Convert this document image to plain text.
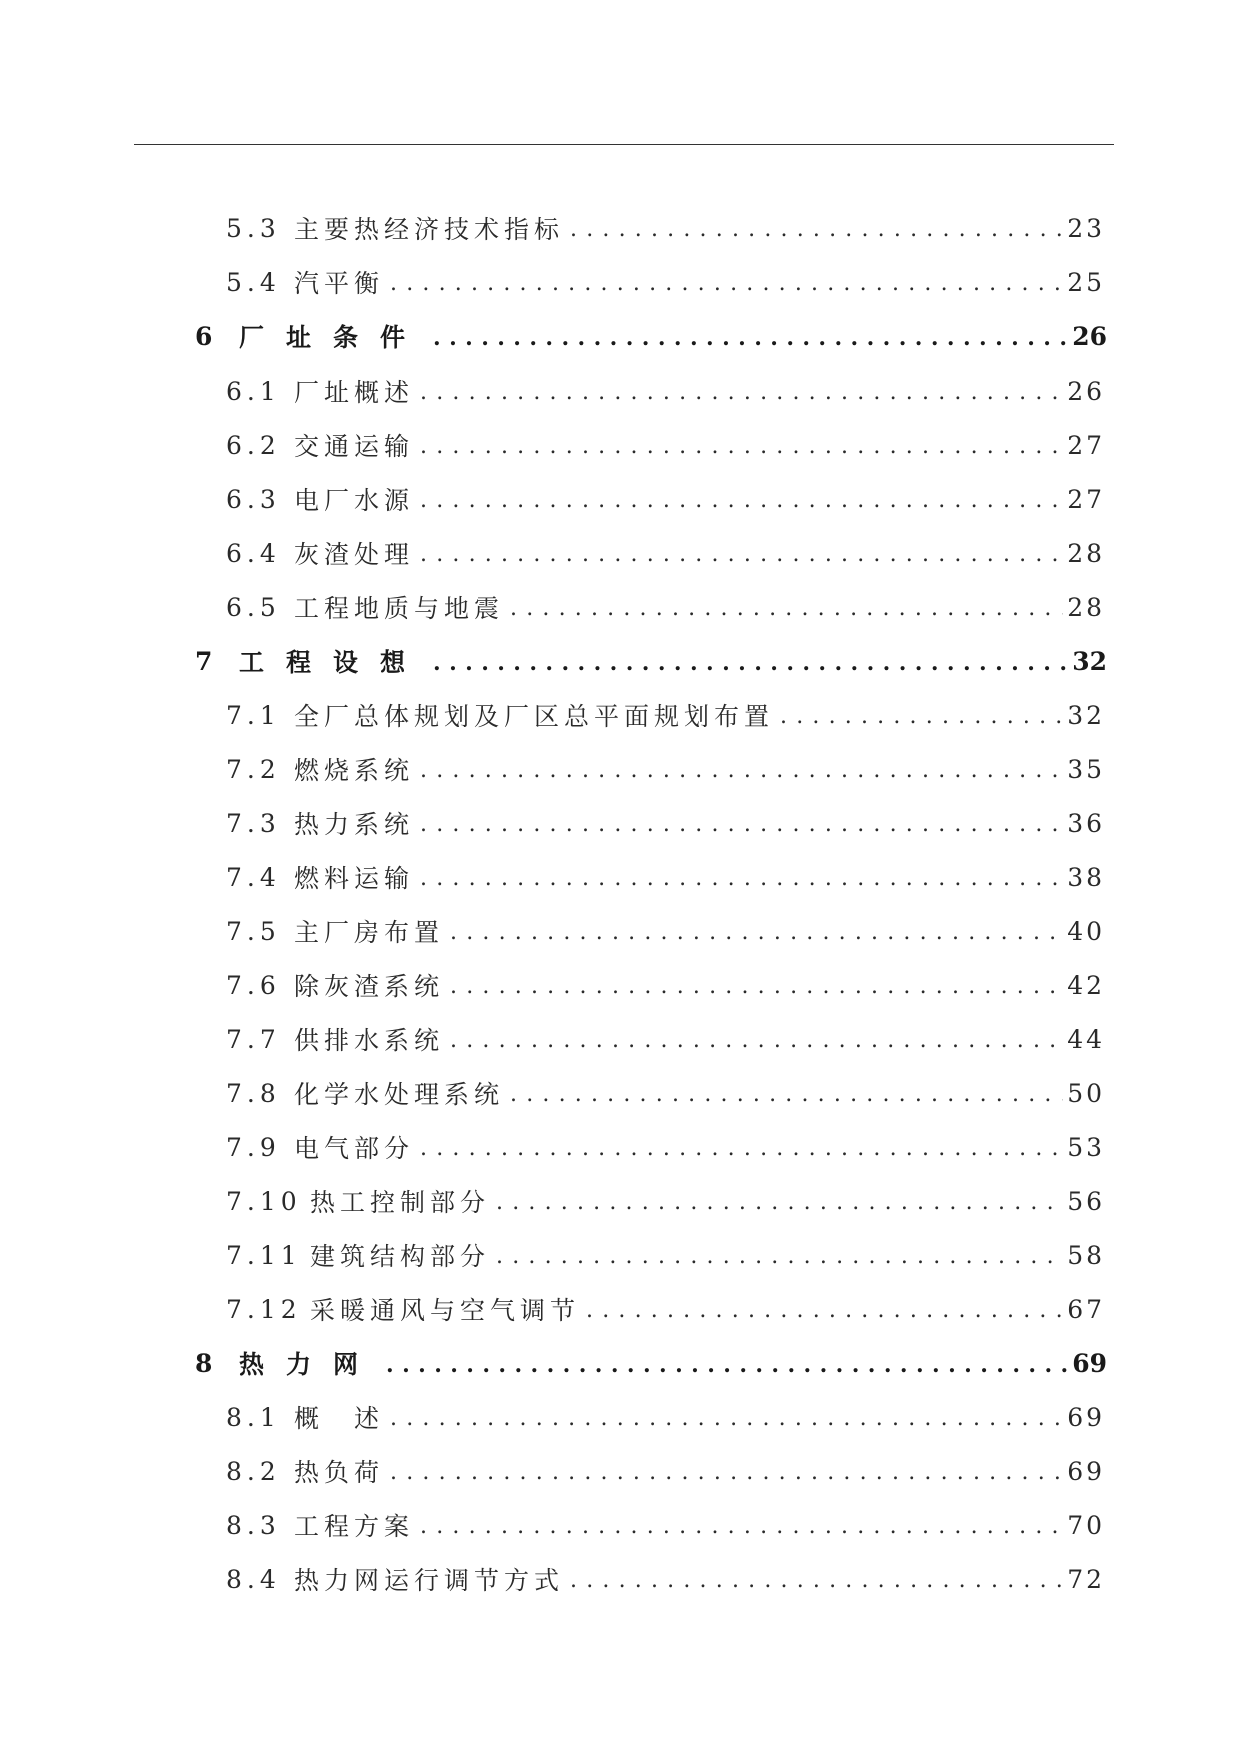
5.3 主要热经济技术指标 .....	23
5.4 汽平衡 .....	25
6	厂址条件 .....	26
6.1 厂址概述 .....	26
6.2 交通运输 .....	27
6.3 电厂水源 .....	27
6.4 灰渣处理 .....	28
6.5 工程地质与地震 .....	28
7	工程设想 .....	32
7.1 全厂总体规划及厂区总平面规划布置 .....	32
7.2 燃烧系统 .....	35
7.3 热力系统 .....	36
7.4 燃料运输 .....	38
7.5 主厂房布置 .....	40
7.6 除灰渣系统 .....	42
7.7 供排水系统 .....	44
7.8 化学水处理系统 .....	50
7.9 电气部分 .....	53
7.10 热工控制部分 .....	56
7.11 建筑结构部分 .....	58
7.12 采暖通风与空气调节 .....	67
8	热力网 .....	69
8.1 概　述 .....	69
8.2 热负荷 .....	69
8.3 工程方案 .....	70
8.4 热力网运行调节方式 .....	72
